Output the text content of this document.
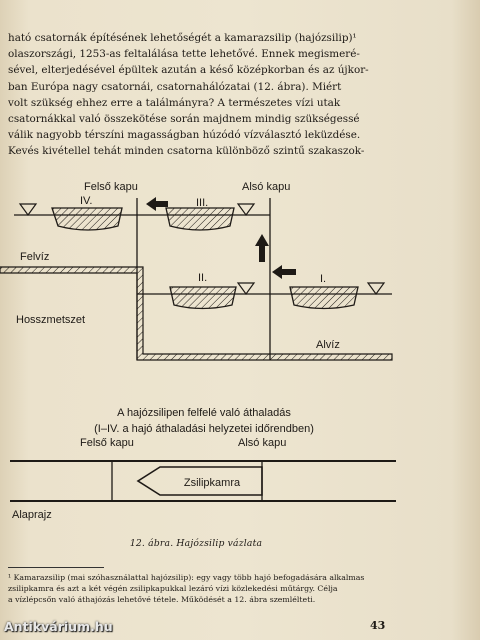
ható csatornák építésének lehetőségét a kamarazsilip (hajózsilip)¹
olaszországi, 1253-as feltalálása tette lehetővé. Ennek megismeré-
sével, elterjedésével épültek azután a késő középkorban és az újkor-
ban Európa nagy csatornái, csatornahálózatai (12. ábra). Miért
volt szükség ehhez erre a találmányra? A természetes vízi utak
csatornákkal való összekötése során majdnem mindig szükségessé
válik nagyobb térszíni magasságban húzódó vízválasztó leküzdése.
Kevés kivétellel tehát minden csatorna különböző szintű szakaszok-
IV.	III.
II.	I.
Felső kapu	Alsó kapu
Felvíz
Alvíz
Hosszmetszet
A hajózsilipen felfelé való áthaladás
(I–IV. a hajó áthaladási helyzetei időrendben)
Felső kapu	Alsó kapu
Zsilipkamra
Alaprajz
12. ábra. Hajózsilip vázlata
¹ Kamarazsilip (mai szóhasználattal hajózsilip): egy vagy több hajó befogadására alkalmas
zsilipkamra és azt a két végén zsilipkapukkal lezáró vízi közlekedési műtárgy. Célja
a vízlépcsőn való áthajózás lehetővé tétele. Működését a 12. ábra szemlélteti.
43
Antikvárium.hu
